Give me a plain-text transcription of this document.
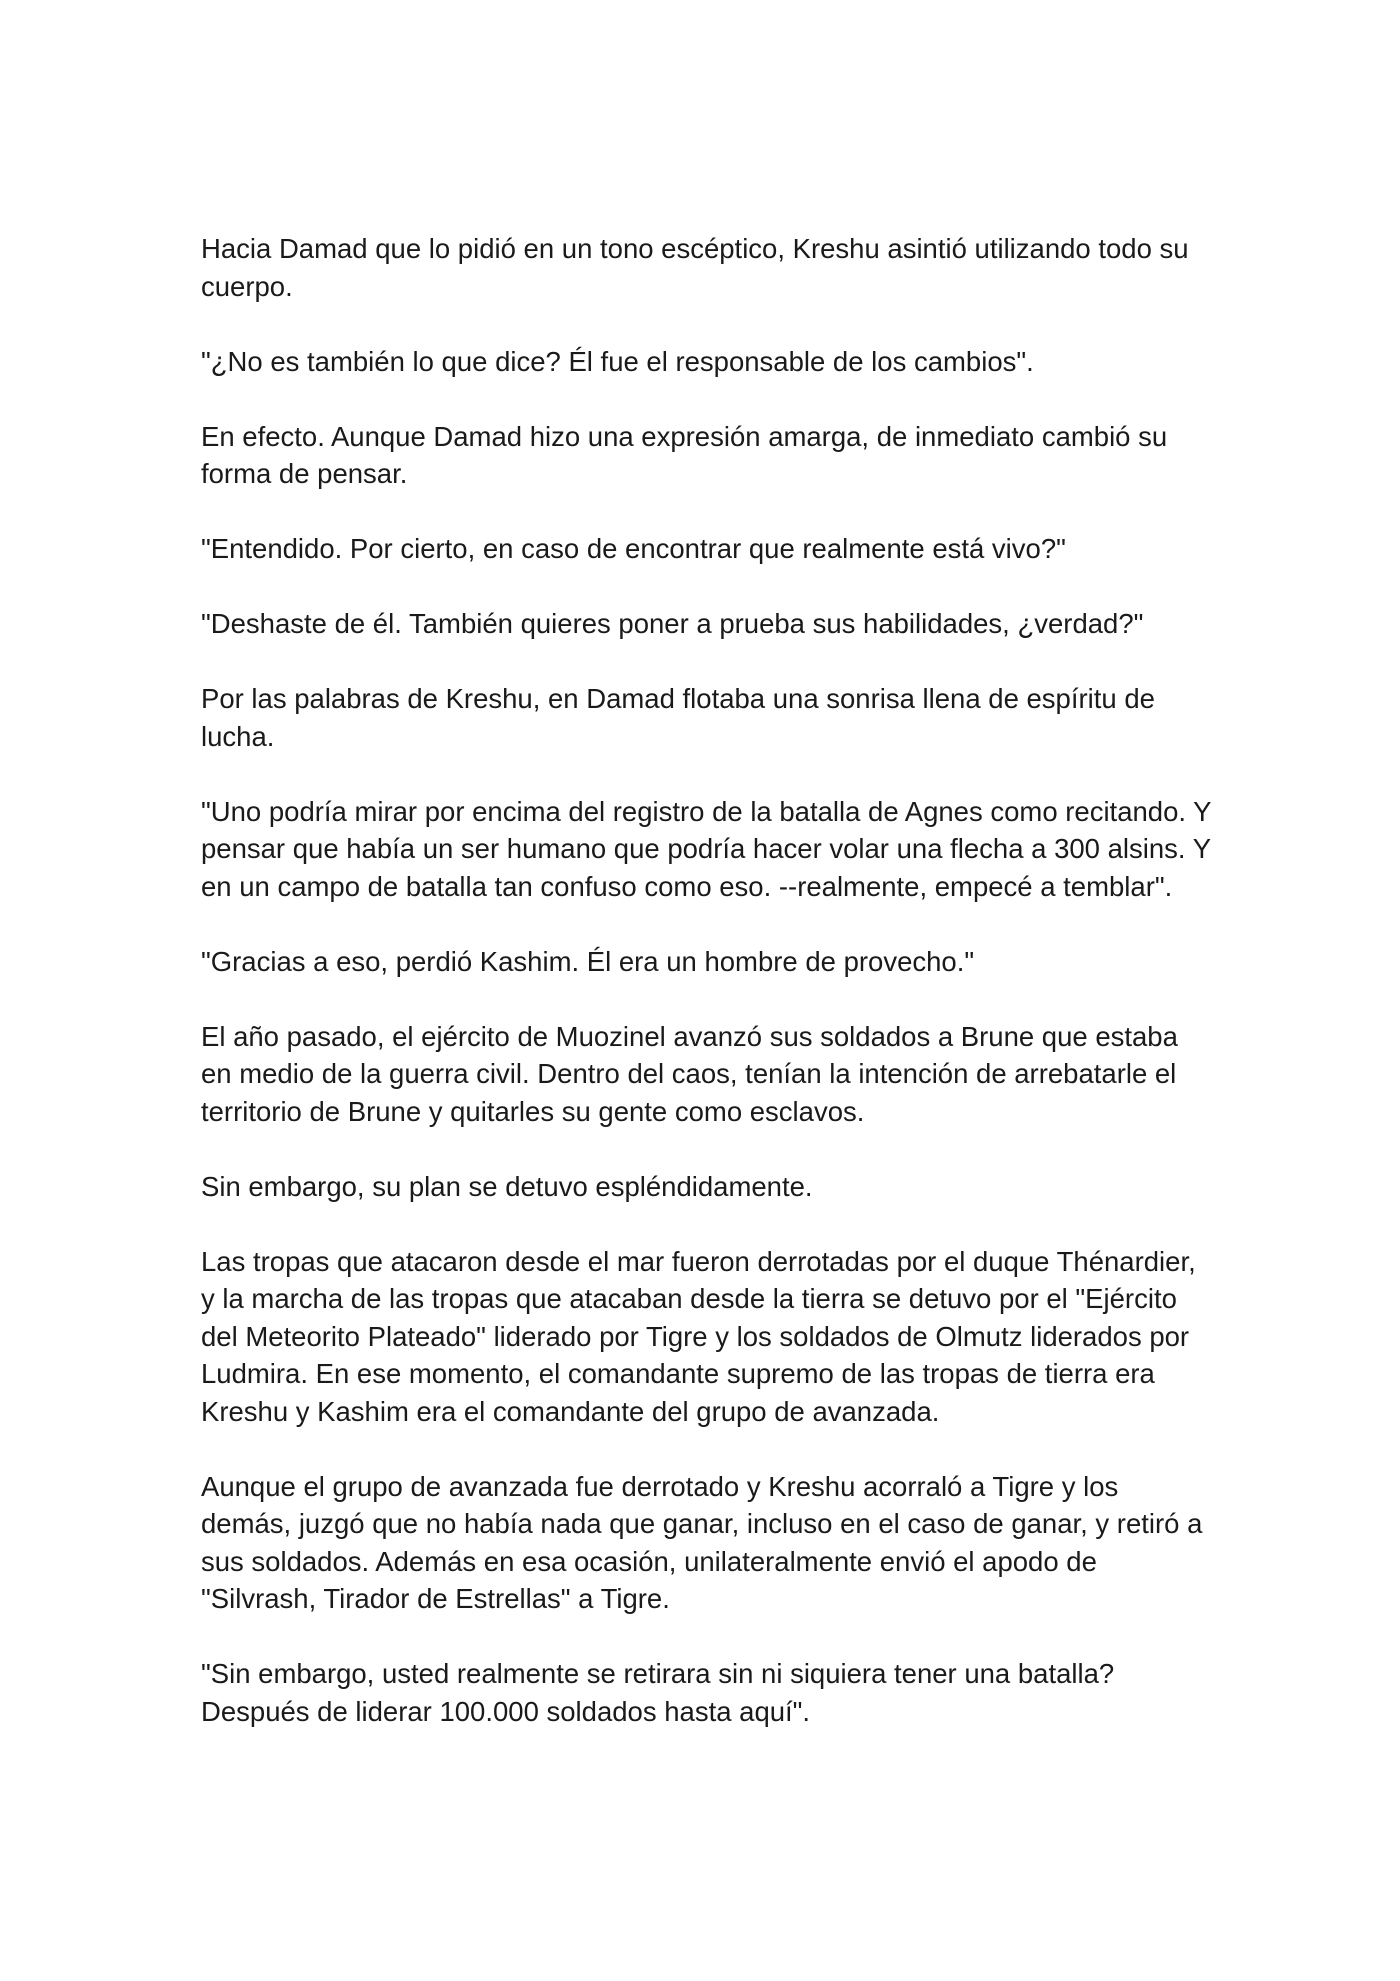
Hacia Damad que lo pidió en un tono escéptico, Kreshu asintió utilizando todo su cuerpo.

"¿No es también lo que dice? Él fue el responsable de los cambios".

En efecto. Aunque Damad hizo una expresión amarga, de inmediato cambió su forma de pensar.

"Entendido. Por cierto, en caso de encontrar que realmente está vivo?"

"Deshaste de él. También quieres poner a prueba sus habilidades, ¿verdad?"

Por las palabras de Kreshu, en Damad flotaba una sonrisa llena de espíritu de lucha.

"Uno podría mirar por encima del registro de la batalla de Agnes como recitando. Y pensar que había un ser humano que podría hacer volar una flecha a 300 alsins. Y en un campo de batalla tan confuso como eso. --realmente, empecé a temblar".

"Gracias a eso, perdió Kashim. Él era un hombre de provecho."

El año pasado, el ejército de Muozinel avanzó sus soldados a Brune que estaba en medio de la guerra civil. Dentro del caos, tenían la intención de arrebatarle el territorio de Brune y quitarles su gente como esclavos.

Sin embargo, su plan se detuvo espléndidamente.

Las tropas que atacaron desde el mar fueron derrotadas por el duque Thénardier, y la marcha de las tropas que atacaban desde la tierra se detuvo por el "Ejército del Meteorito Plateado" liderado por Tigre y los soldados de Olmutz liderados por Ludmira. En ese momento, el comandante supremo de las tropas de tierra era Kreshu y Kashim era el comandante del grupo de avanzada.

Aunque el grupo de avanzada fue derrotado y Kreshu acorraló a Tigre y los demás, juzgó que no había nada que ganar, incluso en el caso de ganar, y retiró a sus soldados. Además en esa ocasión, unilateralmente envió el apodo de "Silvrash, Tirador de Estrellas" a Tigre.

"Sin embargo, usted realmente se retirara sin ni siquiera tener una batalla? Después de liderar 100.000 soldados hasta aquí".
